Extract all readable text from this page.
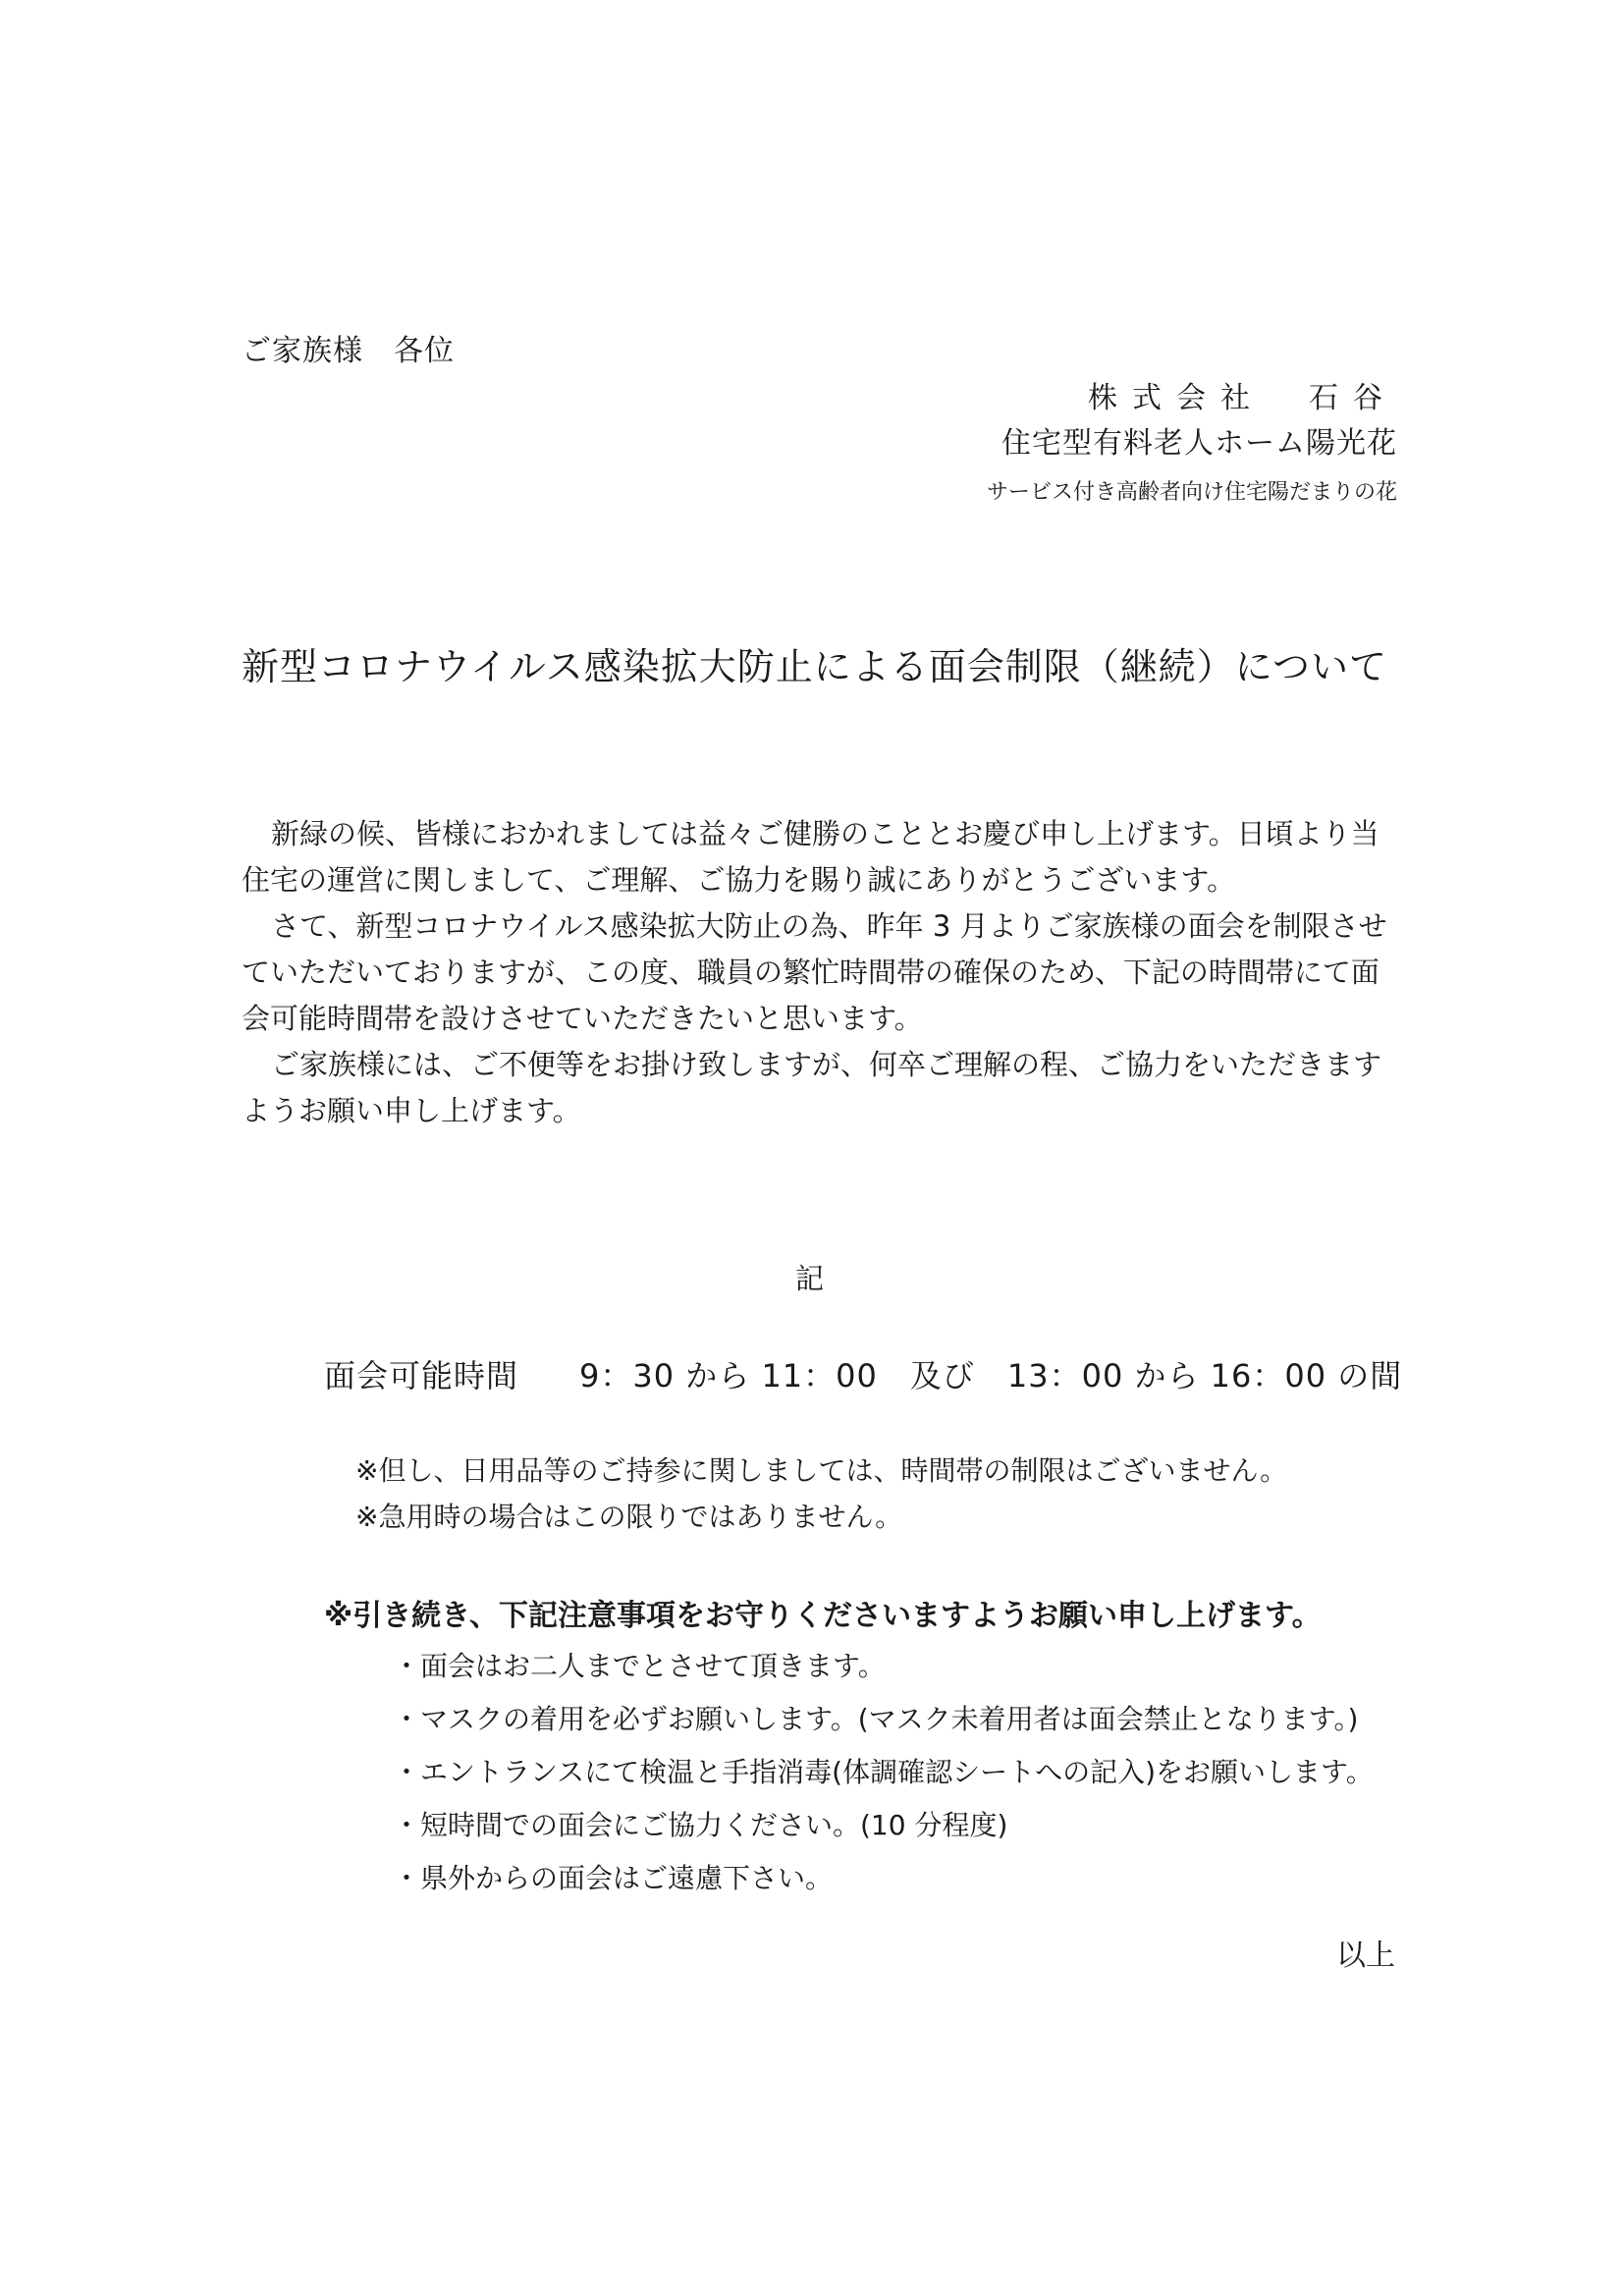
ご家族様　各位
株式会社　石谷
住宅型有料老人ホーム陽光花
サービス付き高齢者向け住宅陽だまりの花
新型コロナウイルス感染拡大防止による面会制限（継続）について

新緑の候、皆様におかれましては益々ご健勝のこととお慶び申し上げます。日頃より当住宅の運営に関しまして、ご理解、ご協力を賜り誠にありがとうございます。

さて、新型コロナウイルス感染拡大防止の為、昨年 3 月よりご家族様の面会を制限させていただいておりますが、この度、職員の繁忙時間帯の確保のため、下記の時間帯にて面会可能時間帯を設けさせていただきたいと思います。

ご家族様には、ご不便等をお掛け致しますが、何卒ご理解の程、ご協力をいただきますようお願い申し上げます。

記
面会可能時間 9：30 から 11：00　及び　13：00 から 16：00 の間
※但し、日用品等のご持参に関しましては、時間帯の制限はございません。
※急用時の場合はこの限りではありません。
※引き続き、下記注意事項をお守りくださいますようお願い申し上げます。
・面会はお二人までとさせて頂きます。
・マスクの着用を必ずお願いします。(マスク未着用者は面会禁止となります。)
・エントランスにて検温と手指消毒(体調確認シートへの記入)をお願いします。
・短時間での面会にご協力ください。(10 分程度)
・県外からの面会はご遠慮下さい。
以上
